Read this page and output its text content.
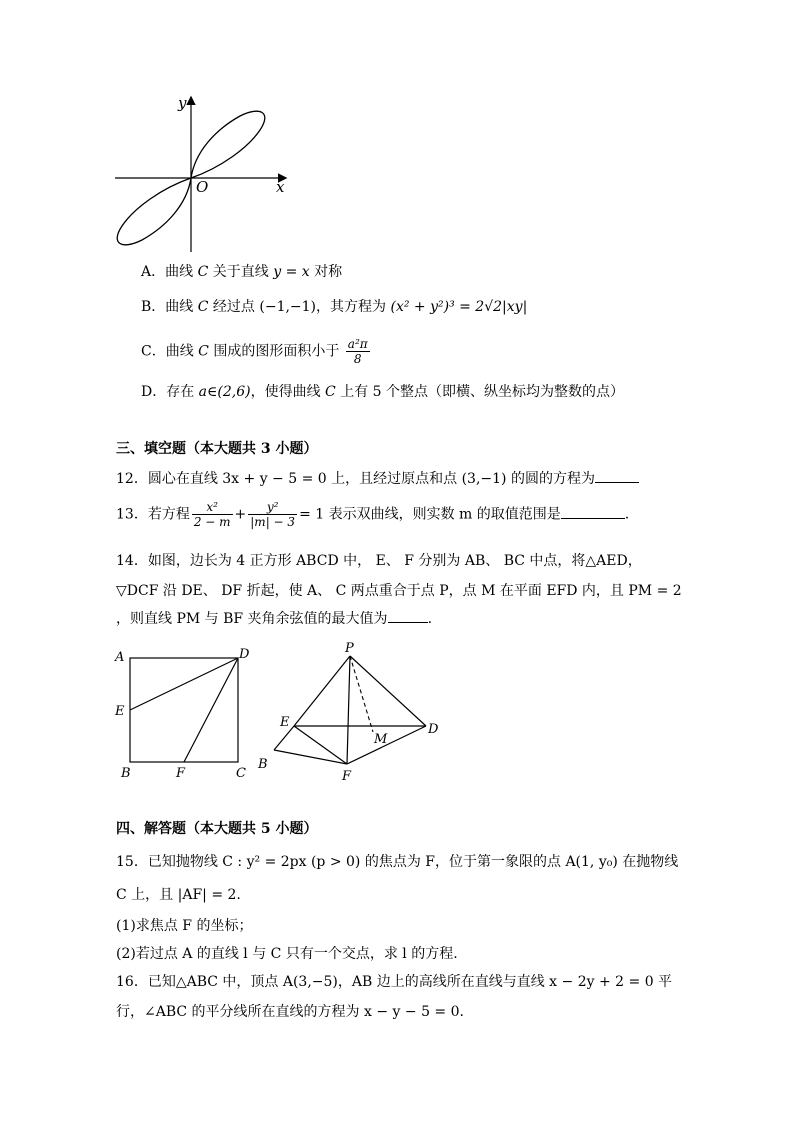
y
x
O
A．曲线 C 关于直线 y = x 对称
B．曲线 C 经过点 (−1,−1)，其方程为 (x² + y²)³ = 2√2|xy|
C．曲线 C 围成的图形面积小于 $\frac{\text{a²π}}{8}$
D．存在 a∈(2,6)，使得曲线 C 上有 5 个整点（即横、纵坐标均为整数的点）
三、填空题（本大题共 3 小题）
12．圆心在直线 3x + y − 5 = 0 上，且经过原点和点 (3,−1) 的圆的方程为
13．若方程 $\frac{\text{x²}}{2 - m} + \frac{\text{y²}}{|m| - 3} = 1$ 表示双曲线，则实数 m 的取值范围是	.
14．如图，边长为 4 正方形 ABCD 中， E、 F 分别为 AB、 BC 中点，将△AED，
▽DCF 沿 DE、 DF 折起，使 A、 C 两点重合于点 P，点 M 在平面 EFD 内，且 PM = 2
，则直线 PM 与 BF 夹角余弦值的最大值为	.
A	D
E
B	F	C
P
E
M
D
B
F
四、解答题（本大题共 5 小题）
15．已知抛物线 C : y² = 2px (p > 0) 的焦点为 F，位于第一象限的点 A(1, y₀) 在抛物线
C 上，且 |AF| = 2.
(1)求焦点 F 的坐标；
(2)若过点 A 的直线 l 与 C 只有一个交点，求 l 的方程.
16．已知△ABC 中，顶点 A(3,−5)，AB 边上的高线所在直线与直线 x − 2y + 2 = 0 平
行，∠ABC 的平分线所在直线的方程为 x − y − 5 = 0.
